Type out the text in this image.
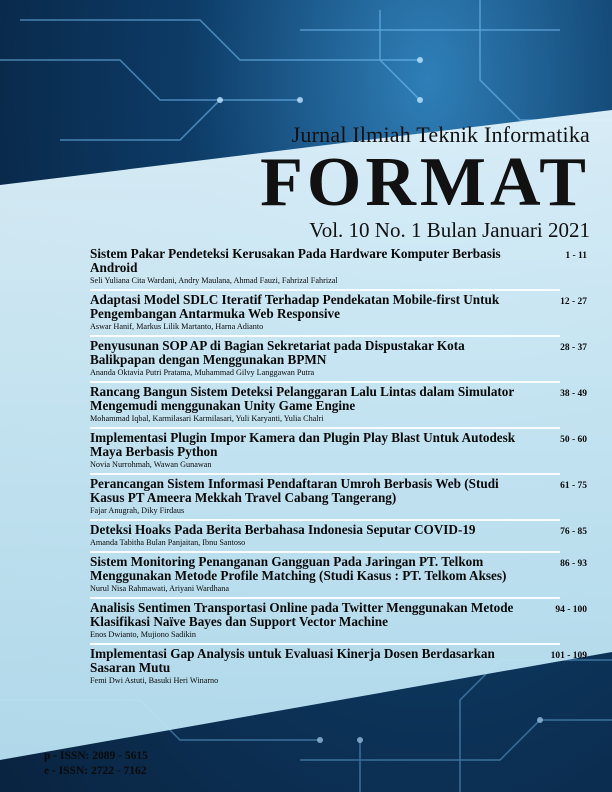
Jurnal Ilmiah Teknik Informatika
FORMAT
Vol. 10 No. 1 Bulan Januari 2021
Sistem Pakar Pendeteksi Kerusakan Pada Hardware Komputer Berbasis Android
Seli Yuliana Cita Wardani, Andry Maulana, Ahmad Fauzi, Fahrizal Fahrizal
1 - 11
Adaptasi Model SDLC Iteratif Terhadap Pendekatan Mobile-first Untuk Pengembangan Antarmuka Web Responsive
Aswar Hanif, Markus Lilik Martanto, Harna Adianto
12 - 27
Penyusunan SOP AP di Bagian Sekretariat pada Dispustakar Kota Balikpapan dengan Menggunakan BPMN
Ananda Oktavia Putri Pratama, Muhammad Gilvy Langgawan Putra
28 - 37
Rancang Bangun Sistem Deteksi Pelanggaran Lalu Lintas dalam Simulator Mengemudi menggunakan Unity Game Engine
Mohammad Iqbal, Karmilasari Karmilasari, Yuli Karyanti, Yulia Chalri
38 - 49
Implementasi Plugin Impor Kamera dan Plugin Play Blast Untuk Autodesk Maya Berbasis Python
Novia Nurrohmah, Wawan Gunawan
50 - 60
Perancangan Sistem Informasi Pendaftaran Umroh Berbasis Web (Studi Kasus PT Ameera Mekkah Travel Cabang Tangerang)
Fajar Anugrah, Diky Firdaus
61 - 75
Deteksi Hoaks Pada Berita Berbahasa Indonesia Seputar COVID-19
Amanda Tabitha Bulan Panjaitan, Ibnu Santoso
76 - 85
Sistem Monitoring Penanganan Gangguan Pada Jaringan PT. Telkom Menggunakan Metode Profile Matching (Studi Kasus : PT. Telkom Akses)
Nurul Nisa Rahmawati, Ariyani Wardhana
86 - 93
Analisis Sentimen Transportasi Online pada Twitter Menggunakan Metode Klasifikasi Naïve Bayes dan Support Vector Machine
Enos Dwianto, Mujiono Sadikin
94 - 100
Implementasi Gap Analysis untuk Evaluasi Kinerja Dosen Berdasarkan Sasaran Mutu
Femi Dwi Astuti, Basuki Heri Winarno
101 - 109
p - ISSN: 2089 - 5615
e - ISSN: 2722 - 7162
